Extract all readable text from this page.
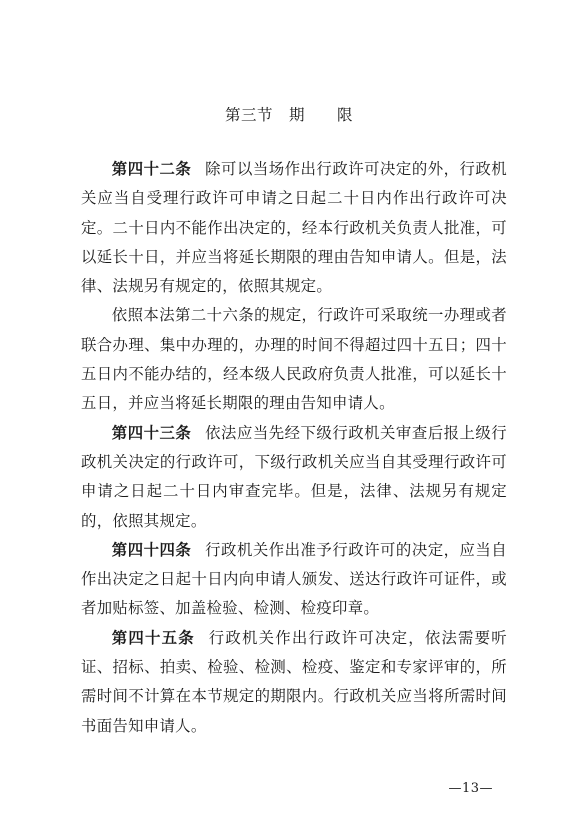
第三节　期　　限

第四十二条 除可以当场作出行政许可决定的外，行政机关应当自受理行政许可申请之日起二十日内作出行政许可决定。二十日内不能作出决定的，经本行政机关负责人批准，可以延长十日，并应当将延长期限的理由告知申请人。但是，法律、法规另有规定的，依照其规定。

依照本法第二十六条的规定，行政许可采取统一办理或者联合办理、集中办理的，办理的时间不得超过四十五日；四十五日内不能办结的，经本级人民政府负责人批准，可以延长十五日，并应当将延长期限的理由告知申请人。

第四十三条 依法应当先经下级行政机关审查后报上级行政机关决定的行政许可，下级行政机关应当自其受理行政许可申请之日起二十日内审查完毕。但是，法律、法规另有规定的，依照其规定。

第四十四条 行政机关作出准予行政许可的决定，应当自作出决定之日起十日内向申请人颁发、送达行政许可证件，或者加贴标签、加盖检验、检测、检疫印章。

第四十五条 行政机关作出行政许可决定，依法需要听证、招标、拍卖、检验、检测、检疫、鉴定和专家评审的，所需时间不计算在本节规定的期限内。行政机关应当将所需时间书面告知申请人。

—13—
